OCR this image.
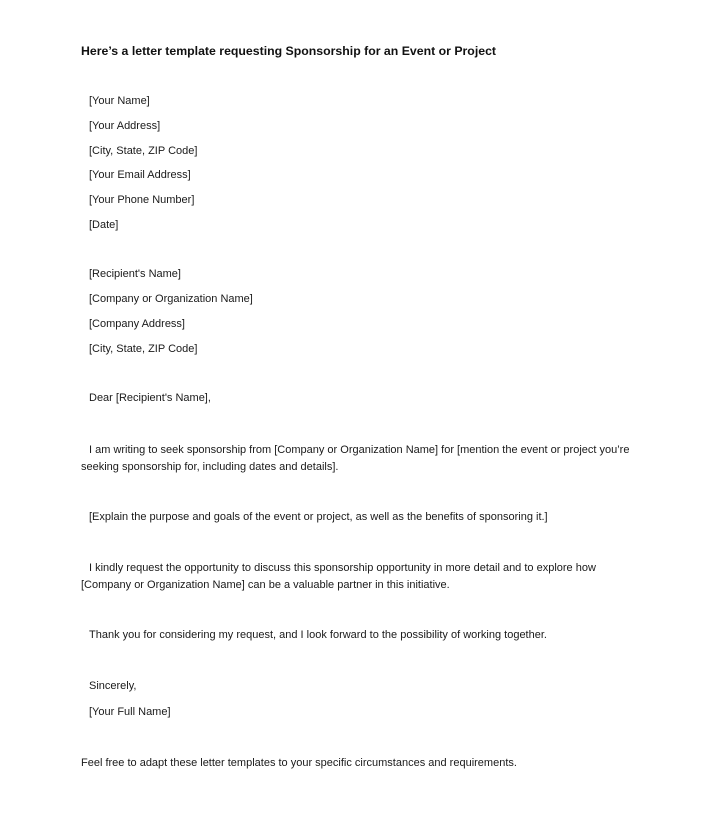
Here’s a letter template requesting Sponsorship for an Event or Project
[Your Name]
[Your Address]
[City, State, ZIP Code]
[Your Email Address]
[Your Phone Number]
[Date]
[Recipient's Name]
[Company or Organization Name]
[Company Address]
[City, State, ZIP Code]
Dear [Recipient's Name],
I am writing to seek sponsorship from [Company or Organization Name] for [mention the event or project you’re seeking sponsorship for, including dates and details].
[Explain the purpose and goals of the event or project, as well as the benefits of sponsoring it.]
I kindly request the opportunity to discuss this sponsorship opportunity in more detail and to explore how [Company or Organization Name] can be a valuable partner in this initiative.
Thank you for considering my request, and I look forward to the possibility of working together.
Sincerely,
[Your Full Name]
Feel free to adapt these letter templates to your specific circumstances and requirements.
